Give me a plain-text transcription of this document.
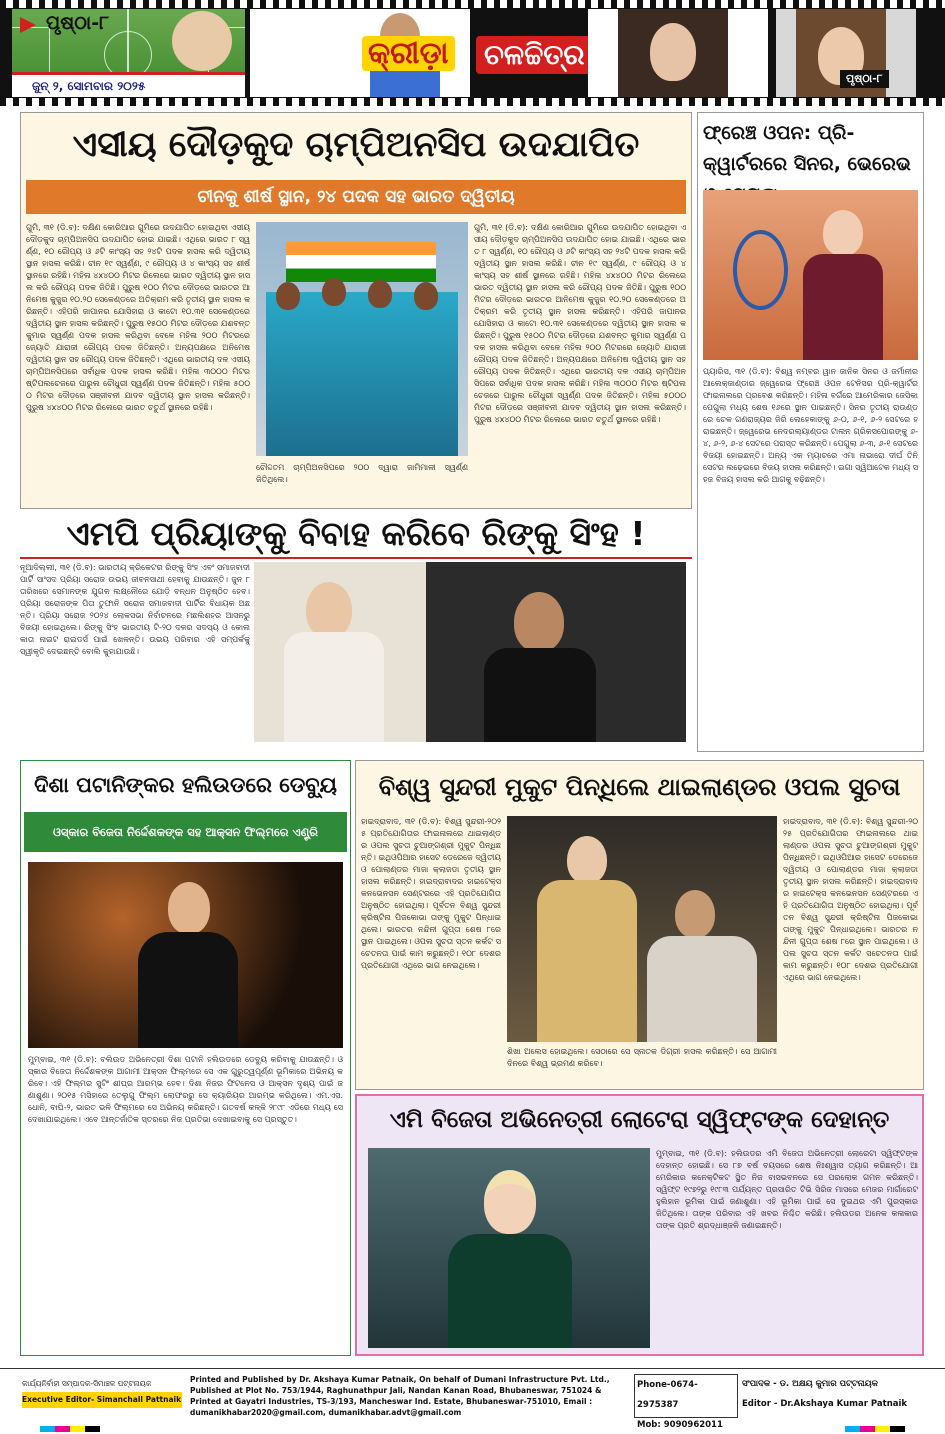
ପୃଷ୍ଠା-୮
ଜୁନ୍ ୨, ସୋମବାର ୨୦୨୫
କ୍ରୀଡ଼ା ଚଳଚ୍ଚିତ୍ର
ପୃଷ୍ଠା-୮
ଏସୀୟ ଦୌଡ଼କୁଦ ଚାମ୍ପିଅନସିପ ଉଦଯାପିତ
ଚୀନକୁ ଶୀର୍ଷ ସ୍ଥାନ, ୨୪ ପଦକ ସହ ଭାରତ ଦ୍ୱିତୀୟ
ଗୁମି, ୩୧ (ଡି.ବ): ଦକ୍ଷିଣ କୋରିଆର ଗୁମିରେ ଉଦଯାପିତ ହୋଇଥିବା ଏସୀୟ ଦୌଡ଼କୁଦ ଚାମ୍ପିଅନସିପ ଉଦଯାପିତ ହୋଇ ଯାଇଛି। ଏଥିରେ ଭାରତ ୮ ସ୍ୱର୍ଣ୍ଣ, ୧୦ ରୌପ୍ୟ ଓ ୬ଟି କାଂସ୍ୟ ସହ ୨୪ଟି ପଦକ ହାସଲ କରି ଦ୍ୱିତୀୟ ସ୍ଥାନ ହାସଲ କରିଛି। ଚୀନ ୧୯ ସ୍ୱର୍ଣ୍ଣ, ୯ ରୌପ୍ୟ ଓ ୪ କାଂସ୍ୟ ସହ ଶୀର୍ଷ ସ୍ଥାନରେ ରହିଛି। ମହିଳା ୪x୪୦୦ ମିଟର ରିଲେରେ ଭାରତ ଦ୍ୱିତୀୟ ସ୍ଥାନ ହାସଲ କରି ରୌପ୍ୟ ପଦକ ଜିତିଛି। ପୁରୁଷ ୧୦୦ ମିଟର ଦୌଡ଼ରେ ଭାରତର ଆନିମେଷ କୁଜୁର ୧୦.୨୦ ସେକେଣ୍ଡରେ ଅତିକ୍ରମ କରି ତୃତୀୟ ସ୍ଥାନ ହାସଲ କରିଛନ୍ତି। ଏହିପରି ଜାପାନର ଯୋସିହାରା ଓ କାଟୋ ୧୦.୩୧ ସେକେଣ୍ଡରେ ଦ୍ୱିତୀୟ ସ୍ଥାନ ହାସଲ କରିଛନ୍ତି। ପୁରୁଷ ୧୫୦୦ ମିଟର ଦୌଡ଼ରେ ଯଶବନ୍ତ କୁମାର ସ୍ୱର୍ଣ୍ଣ ପଦକ ହାସଲ କରିଥିବା ବେଳେ ମହିଳା ୨୦୦ ମିଟରରେ ଜ୍ୟୋତି ଯାରାଜୀ ରୌପ୍ୟ ପଦକ ଜିତିଛନ୍ତି। ଅନ୍ୟପକ୍ଷରେ ଅନିମେଷ ଦ୍ୱିତୀୟ ସ୍ଥାନ ସହ ରୌପ୍ୟ ପଦକ ଜିତିଛନ୍ତି। ଏଥିରେ ଭାରତୀୟ ଦଳ ଏସୀୟ ଚାମ୍ପିଅନସିପରେ ସର୍ବାଧିକ ପଦକ ହାସଲ କରିଛି। ମହିଳା ୩୦୦୦ ମିଟର ଷ୍ଟିପଲଚେଜରେ ପାରୁଲ ଚୌଧୁରୀ ସ୍ୱର୍ଣ୍ଣ ପଦକ ଜିତିଛନ୍ତି। ମହିଳା ୫୦୦୦ ମିଟର ଦୌଡ଼ରେ ସଞ୍ଜୀବନୀ ଯାଦବ ଦ୍ୱିତୀୟ ସ୍ଥାନ ହାସଲ କରିଛନ୍ତି। ପୁରୁଷ ୪x୪୦୦ ମିଟର ରିଲେରେ ଭାରତ ଚତୁର୍ଥ ସ୍ଥାନରେ ରହିଛି।
ଚୌଦ୍ଦତମ ଚାମ୍ପିଅନସିପରେ ୨୦୦ ଦ୍ୱାରା ଜାମିମାଳୀ ସ୍ୱର୍ଣ୍ଣ ଜିତିଥିଲେ।
ଗୁମି, ୩୧ (ଡି.ବ): ଦକ୍ଷିଣ କୋରିଆର ଗୁମିରେ ଉଦଯାପିତ ହୋଇଥିବା ଏସୀୟ ଦୌଡ଼କୁଦ ଚାମ୍ପିଅନସିପ ଉଦଯାପିତ ହୋଇ ଯାଇଛି। ଏଥିରେ ଭାରତ ୮ ସ୍ୱର୍ଣ୍ଣ, ୧୦ ରୌପ୍ୟ ଓ ୬ଟି କାଂସ୍ୟ ସହ ୨୪ଟି ପଦକ ହାସଲ କରି ଦ୍ୱିତୀୟ ସ୍ଥାନ ହାସଲ କରିଛି। ଚୀନ ୧୯ ସ୍ୱର୍ଣ୍ଣ, ୯ ରୌପ୍ୟ ଓ ୪ କାଂସ୍ୟ ସହ ଶୀର୍ଷ ସ୍ଥାନରେ ରହିଛି। ମହିଳା ୪x୪୦୦ ମିଟର ରିଲେରେ ଭାରତ ଦ୍ୱିତୀୟ ସ୍ଥାନ ହାସଲ କରି ରୌପ୍ୟ ପଦକ ଜିତିଛି। ପୁରୁଷ ୧୦୦ ମିଟର ଦୌଡ଼ରେ ଭାରତର ଆନିମେଷ କୁଜୁର ୧୦.୨୦ ସେକେଣ୍ଡରେ ଅତିକ୍ରମ କରି ତୃତୀୟ ସ୍ଥାନ ହାସଲ କରିଛନ୍ତି। ଏହିପରି ଜାପାନର ଯୋସିହାରା ଓ କାଟୋ ୧୦.୩୧ ସେକେଣ୍ଡରେ ଦ୍ୱିତୀୟ ସ୍ଥାନ ହାସଲ କରିଛନ୍ତି। ପୁରୁଷ ୧୫୦୦ ମିଟର ଦୌଡ଼ରେ ଯଶବନ୍ତ କୁମାର ସ୍ୱର୍ଣ୍ଣ ପଦକ ହାସଲ କରିଥିବା ବେଳେ ମହିଳା ୨୦୦ ମିଟରରେ ଜ୍ୟୋତି ଯାରାଜୀ ରୌପ୍ୟ ପଦକ ଜିତିଛନ୍ତି। ଅନ୍ୟପକ୍ଷରେ ଅନିମେଷ ଦ୍ୱିତୀୟ ସ୍ଥାନ ସହ ରୌପ୍ୟ ପଦକ ଜିତିଛନ୍ତି। ଏଥିରେ ଭାରତୀୟ ଦଳ ଏସୀୟ ଚାମ୍ପିଅନସିପରେ ସର୍ବାଧିକ ପଦକ ହାସଲ କରିଛି। ମହିଳା ୩୦୦୦ ମିଟର ଷ୍ଟିପଲଚେଜରେ ପାରୁଲ ଚୌଧୁରୀ ସ୍ୱର୍ଣ୍ଣ ପଦକ ଜିତିଛନ୍ତି। ମହିଳା ୫୦୦୦ ମିଟର ଦୌଡ଼ରେ ସଞ୍ଜୀବନୀ ଯାଦବ ଦ୍ୱିତୀୟ ସ୍ଥାନ ହାସଲ କରିଛନ୍ତି। ପୁରୁଷ ୪x୪୦୦ ମିଟର ରିଲେରେ ଭାରତ ଚତୁର୍ଥ ସ୍ଥାନରେ ରହିଛି।
ଫ୍ରେଞ୍ଚ ଓପନ: ପ୍ରି-କ୍ୱାର୍ଟରରେ ସିନର, ଭେରେଭ
ପ୍ୟାରିସ, ୩୧ (ଡି.ବ): ବିଶ୍ୱ ନମ୍ବର ୱାନ ଜାନିକ ସିନର ଓ ଜର୍ମାନୀର ଆଲେକ୍ଜାଣ୍ଡାର ଜ୍ୱେରେଭ ଫ୍ରେଞ୍ଚ ଓପନ ଟେନିସର ପ୍ରି-କ୍ୱାର୍ଟର ଫାଇନାଲରେ ପ୍ରବେଶ କରିଛନ୍ତି। ମହିଳା ବର୍ଗରେ ଆମେରିକାର ଜେସିକା ପେଗୁଲା ମଧ୍ୟ ଶେଷ ୧୬ରେ ସ୍ଥାନ ପାଇଛନ୍ତି। ସିନର ତୃତୀୟ ରାଉଣ୍ଡରେ ଚେକ ଗଣରାଜ୍ୟର ଜିରି ଲେହେକାଙ୍କୁ ୬-୦, ୬-୧, ୬-୨ ସେଟରେ ହରାଇଛନ୍ତି। ଜ୍ୱେରେଭ ନେଦରଲ୍ୟାଣ୍ଡର ଟାଲନ ଗ୍ରିକସପୋରଙ୍କୁ ୬-୪, ୬-୨, ୬-୪ ସେଟରେ ପରାସ୍ତ କରିଛନ୍ତି। ପେଗୁଲା ୬-୩, ୬-୧ ସେଟରେ ବିଜୟୀ ହୋଇଛନ୍ତି। ଅନ୍ୟ ଏକ ମ୍ୟାଚରେ ଏମା ନାଭାରୋ ଦୀର୍ଘ ତିନି ସେଟର ଲଢ଼େଇରେ ବିଜୟ ହାସଲ କରିଛନ୍ତି। ଇଗା ସ୍ୱିଆଟେକ ମଧ୍ୟ ସହଜ ବିଜୟ ହାସଲ କରି ଆଗକୁ ବଢ଼ିଛନ୍ତି।
ଏମପି ପ୍ରିୟାଙ୍କୁ ବିବାହ କରିବେ ରିଙ୍କୁ ସିଂହ !
ନୂଆଦିଲ୍ଲୀ, ୩୧ (ଡି.ବ): ଭାରତୀୟ କ୍ରିକେଟର ରିଙ୍କୁ ସିଂହ ଏବଂ ସମାଜବାଦୀ ପାର୍ଟି ସାଂସଦ ପ୍ରିୟା ସରୋଜ ଉଭୟ ଜୀବନସାଥୀ ହେବାକୁ ଯାଉଛନ୍ତି। ଜୁନ ୮ ତାରିଖରେ ସେମାନଙ୍କ ଯୁଗଳ ଲକ୍ଷ୍ନୌରେ ଯୋଡ଼ି ବନ୍ଧନ ଅନୁଷ୍ଠିତ ହେବ। ପ୍ରିୟା ସରୋଜଙ୍କ ପିତା ତୁଫାନି ସରୋଜ ସମାଜବାଦୀ ପାର୍ଟିର ବିଧାୟକ ଅଛନ୍ତି। ପ୍ରିୟା ସରୋଜ ୨୦୨୪ ଲୋକସଭା ନିର୍ବାଚନରେ ମଛଲିଶହର ଆସନରୁ ବିଜୟୀ ହୋଇଥିଲେ। ରିଙ୍କୁ ସିଂହ ଭାରତୀୟ ଟି-୨୦ ଦଳର ସଦସ୍ୟ ଓ କୋଲକାତା ନାଇଟ ରାଇଡର୍ସ ପାଇଁ ଖେଳନ୍ତି। ଉଭୟ ପରିବାର ଏହି ସମ୍ପର୍କକୁ ସ୍ୱୀକୃତି ଦେଇଛନ୍ତି ବୋଲି କୁହାଯାଉଛି।
ଦିଶା ପଟାନିଙ୍କର ହଲିଉଡରେ ଡେବ୍ୟୁ
ଓସ୍କାର ବିଜେତା ନିର୍ଦ୍ଦେଶକଙ୍କ ସହ ଆକ୍ସନ ଫିଲ୍ମରେ ଏଣ୍ଟ୍ରି
ମୁମ୍ବାଇ, ୩୧ (ଡି.ବ): ବଲିଉଡ ଅଭିନେତ୍ରୀ ଦିଶା ପଟାନି ହଲିଉଡରେ ଡେବ୍ୟୁ କରିବାକୁ ଯାଉଛନ୍ତି। ଓସ୍କାର ବିଜେତା ନିର୍ଦ୍ଦେଶକଙ୍କ ଆଗାମୀ ଆକ୍ସନ ଫିଲ୍ମରେ ସେ ଏକ ଗୁରୁତ୍ୱପୂର୍ଣ୍ଣ ଭୂମିକାରେ ଅଭିନୟ କରିବେ। ଏହି ଫିଲ୍ମର ସୁଟିଂ ଶୀଘ୍ର ଆରମ୍ଭ ହେବ। ଦିଶା ନିଜର ଫିଟନେସ ଓ ଆକ୍ସନ ଦୃଶ୍ୟ ପାଇଁ ଜଣାଶୁଣା। ୨୦୧୫ ମସିହାରେ ତେଲୁଗୁ ଫିଲ୍ମ ଲୋଫରରୁ ସେ କ୍ୟାରିୟର ଆରମ୍ଭ କରିଥିଲେ। ଏମ.ଏସ. ଧୋନି, ବାଘି-୨, ଭାରତ ଭଳି ଫିଲ୍ମରେ ସେ ଅଭିନୟ କରିଛନ୍ତି। ଗତବର୍ଷ କଳ୍କି ୨୮୯୮ ଏଡିରେ ମଧ୍ୟ ସେ ଦେଖାଯାଇଥିଲେ। ଏବେ ଆନ୍ତର୍ଜାତିକ ସ୍ତରରେ ନିଜ ପ୍ରତିଭା ଦେଖାଇବାକୁ ସେ ପ୍ରସ୍ତୁତ।
ବିଶ୍ୱ ସୁନ୍ଦରୀ ମୁକୁଟ ପିନ୍ଧିଲେ ଥାଇଲାଣ୍ଡର ଓପଲ ସୁଚତା
ହାଇଦ୍ରାବାଦ, ୩୧ (ଡି.ବ): ବିଶ୍ୱ ସୁନ୍ଦରୀ-୨୦୨୫ ପ୍ରତିଯୋଗିତାର ଫାଇନାଲରେ ଥାଇଲାଣ୍ଡର ଓପଲ ସୁଚତା ଚୁଆଙ୍ଗଶ୍ରୀ ମୁକୁଟ ପିନ୍ଧିଛନ୍ତି। ଇଥିଓପିଆର ହାସେଟ ଡେରେଜେ ଦ୍ୱିତୀୟ ଓ ପୋଲାଣ୍ଡର ମାଜା କ୍ଲାଜଡା ତୃତୀୟ ସ୍ଥାନ ହାସଲ କରିଛନ୍ତି। ହାଇଦ୍ରାବାଦର ହାଇଟେକ୍ସ କନଭେନସନ ସେଣ୍ଟରରେ ଏହି ପ୍ରତିଯୋଗିତା ଅନୁଷ୍ଠିତ ହୋଇଥିଲା। ପୂର୍ବତନ ବିଶ୍ୱ ସୁନ୍ଦରୀ କ୍ରିଷ୍ଟିନା ପିଜକୋଭା ତାଙ୍କୁ ମୁକୁଟ ପିନ୍ଧାଇଥିଲେ। ଭାରତର ନନ୍ଦିନୀ ଗୁପ୍ତା ଶେଷ ୮ରେ ସ୍ଥାନ ପାଇଥିଲେ। ଓପଲ ସୁଚତା ସ୍ତନ କର୍କଟ ସଚେତନତା ପାଇଁ କାମ କରୁଛନ୍ତି। ୧୦୮ ଦେଶର ପ୍ରତିଯୋଗୀ ଏଥିରେ ଭାଗ ନେଇଥିଲେ।
ଶିଖା ଅଲେସ ହୋଇଥିଲେ। ସେଠାରେ ସେ ସ୍ନାତକ ଡିଗ୍ରୀ ହାସଲ କରିଛନ୍ତି। ସେ ଆଗାମୀ ଦିନରେ ବିଶ୍ୱ ଭ୍ରମଣ କରିବେ।
ହାଇଦ୍ରାବାଦ, ୩୧ (ଡି.ବ): ବିଶ୍ୱ ସୁନ୍ଦରୀ-୨୦୨୫ ପ୍ରତିଯୋଗିତାର ଫାଇନାଲରେ ଥାଇଲାଣ୍ଡର ଓପଲ ସୁଚତା ଚୁଆଙ୍ଗଶ୍ରୀ ମୁକୁଟ ପିନ୍ଧିଛନ୍ତି। ଇଥିଓପିଆର ହାସେଟ ଡେରେଜେ ଦ୍ୱିତୀୟ ଓ ପୋଲାଣ୍ଡର ମାଜା କ୍ଲାଜଡା ତୃତୀୟ ସ୍ଥାନ ହାସଲ କରିଛନ୍ତି। ହାଇଦ୍ରାବାଦର ହାଇଟେକ୍ସ କନଭେନସନ ସେଣ୍ଟରରେ ଏହି ପ୍ରତିଯୋଗିତା ଅନୁଷ୍ଠିତ ହୋଇଥିଲା। ପୂର୍ବତନ ବିଶ୍ୱ ସୁନ୍ଦରୀ କ୍ରିଷ୍ଟିନା ପିଜକୋଭା ତାଙ୍କୁ ମୁକୁଟ ପିନ୍ଧାଇଥିଲେ। ଭାରତର ନନ୍ଦିନୀ ଗୁପ୍ତା ଶେଷ ୮ରେ ସ୍ଥାନ ପାଇଥିଲେ। ଓପଲ ସୁଚତା ସ୍ତନ କର୍କଟ ସଚେତନତା ପାଇଁ କାମ କରୁଛନ୍ତି। ୧୦୮ ଦେଶର ପ୍ରତିଯୋଗୀ ଏଥିରେ ଭାଗ ନେଇଥିଲେ।
ଏମି ବିଜେତା ଅଭିନେତ୍ରୀ ଲୋଟେରା ସ୍ୱିଫ୍ଟଙ୍କ ଦେହାନ୍ତ
ମୁମ୍ବାଇ, ୩୧ (ଡି.ବ): ହଲିଉଡର ଏମି ବିଜେତା ଅଭିନେତ୍ରୀ ଲୋରେଟା ସ୍ୱିଫ୍ଟଙ୍କ ଦେହାନ୍ତ ହୋଇଛି। ସେ ୮୭ ବର୍ଷ ବୟସରେ ଶେଷ ନିଃଶ୍ୱାସ ତ୍ୟାଗ କରିଛନ୍ତି। ଆମେରିକାର କନେକ୍ଟିକଟ ସ୍ଥିତ ନିଜ ବାସଭବନରେ ସେ ପରଲୋକ ଗମନ କରିଛନ୍ତି। ସ୍ୱିଫ୍ଟ ୧୯୭୨ରୁ ୧୯୮୩ ପର୍ଯ୍ୟନ୍ତ ପ୍ରସାରିତ ଟିଭି ସିରିଜ ମାସରେ ମେଜର ମାର୍ଗାରେଟ ହୁଲିହାନ ଭୂମିକା ପାଇଁ ଜଣାଶୁଣା। ଏହି ଭୂମିକା ପାଇଁ ସେ ଦୁଇଥର ଏମି ପୁରସ୍କାର ଜିତିଥିଲେ। ତାଙ୍କ ପରିବାର ଏହି ଖବର ନିଶ୍ଚିତ କରିଛି। ହଲିଉଡର ଅନେକ କଳାକାର ତାଙ୍କ ପ୍ରତି ଶ୍ରଦ୍ଧାଞ୍ଜଳି ଜଣାଇଛନ୍ତି।
କାର୍ଯ୍ୟନିର୍ବାହୀ ସମ୍ପାଦକ-ସିମାଞ୍ଚଳ ପଟ୍ଟନାୟକ
Executive Editor- Simanchall Pattnaik
Printed and Published by Dr. Akshaya Kumar Patnaik, On behalf of Dumani Infrastructure Pvt. Ltd., Published at Plot No. 753/1944, Raghunathpur Jali, Nandan Kanan Road, Bhubaneswar, 751024 & Printed at Gayatri Industries, TS-3/193, Mancheswar Ind. Estate, Bhubaneswar-751010, Email : dumanikhabar2020@gmail.com, dumanikhabar.advt@gmail.com
Phone-0674-2975387
Mob: 9090962011
ସଂପାଦକ - ଡ. ଅକ୍ଷୟ କୁମାର ପଟ୍ଟନାୟକ
Editor - Dr.Akshaya Kumar Patnaik
